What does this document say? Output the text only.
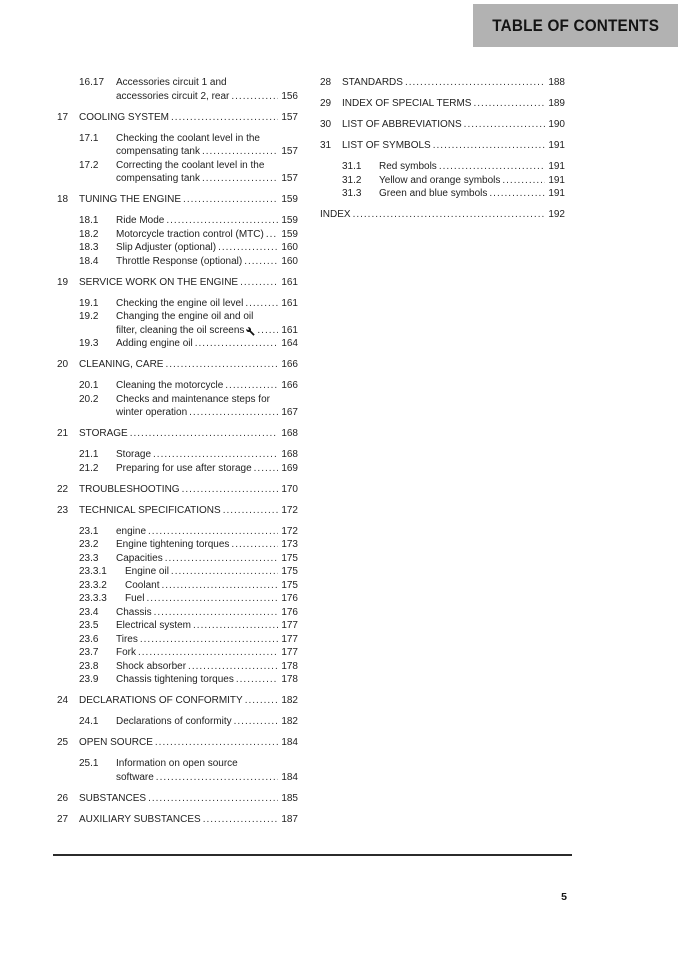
TABLE OF CONTENTS
16.17	Accessories circuit 1 and
accessories circuit 2, rear .....	156
17	COOLING SYSTEM .....	157
17.1	Checking the coolant level in the
compensating tank .....	157
17.2	Correcting the coolant level in the
compensating tank .....	157
18	TUNING THE ENGINE .....	159
18.1	Ride Mode .....	159
18.2	Motorcycle traction control (MTC) ..... 159
18.3	Slip Adjuster (optional) .....	160
18.4	Throttle Response (optional) .....	160
19	SERVICE WORK ON THE ENGINE .....	161
19.1	Checking the engine oil level .....	161
19.2	Changing the engine oil and oil
filter, cleaning the oil screens .....	161
19.3	Adding engine oil .....	164
20	CLEANING, CARE .....	166
20.1	Cleaning the motorcycle .....	166
20.2	Checks and maintenance steps for
winter operation .....	167
21	STORAGE .....	168
21.1	Storage .....	168
21.2	Preparing for use after storage .....	169
22	TROUBLESHOOTING .....	170
23	TECHNICAL SPECIFICATIONS .....	172
23.1	engine .....	172
23.2	Engine tightening torques .....	173
23.3	Capacities .....	175
23.3.1	Engine oil .....	175
23.3.2	Coolant .....	175
23.3.3	Fuel .....	176
23.4	Chassis .....	176
23.5	Electrical system .....	177
23.6	Tires .....	177
23.7	Fork .....	177
23.8	Shock absorber .....	178
23.9	Chassis tightening torques .....	178
24	DECLARATIONS OF CONFORMITY .....	182
24.1	Declarations of conformity .....	182
25	OPEN SOURCE .....	184
25.1	Information on open source
software .....	184
26	SUBSTANCES .....	185
27	AUXILIARY SUBSTANCES .....	187
28	STANDARDS .....	188
29	INDEX OF SPECIAL TERMS .....	189
30	LIST OF ABBREVIATIONS .....	190
31	LIST OF SYMBOLS .....	191
31.1	Red symbols .....	191
31.2	Yellow and orange symbols .....	191
31.3	Green and blue symbols .....	191
INDEX .....	192
5
